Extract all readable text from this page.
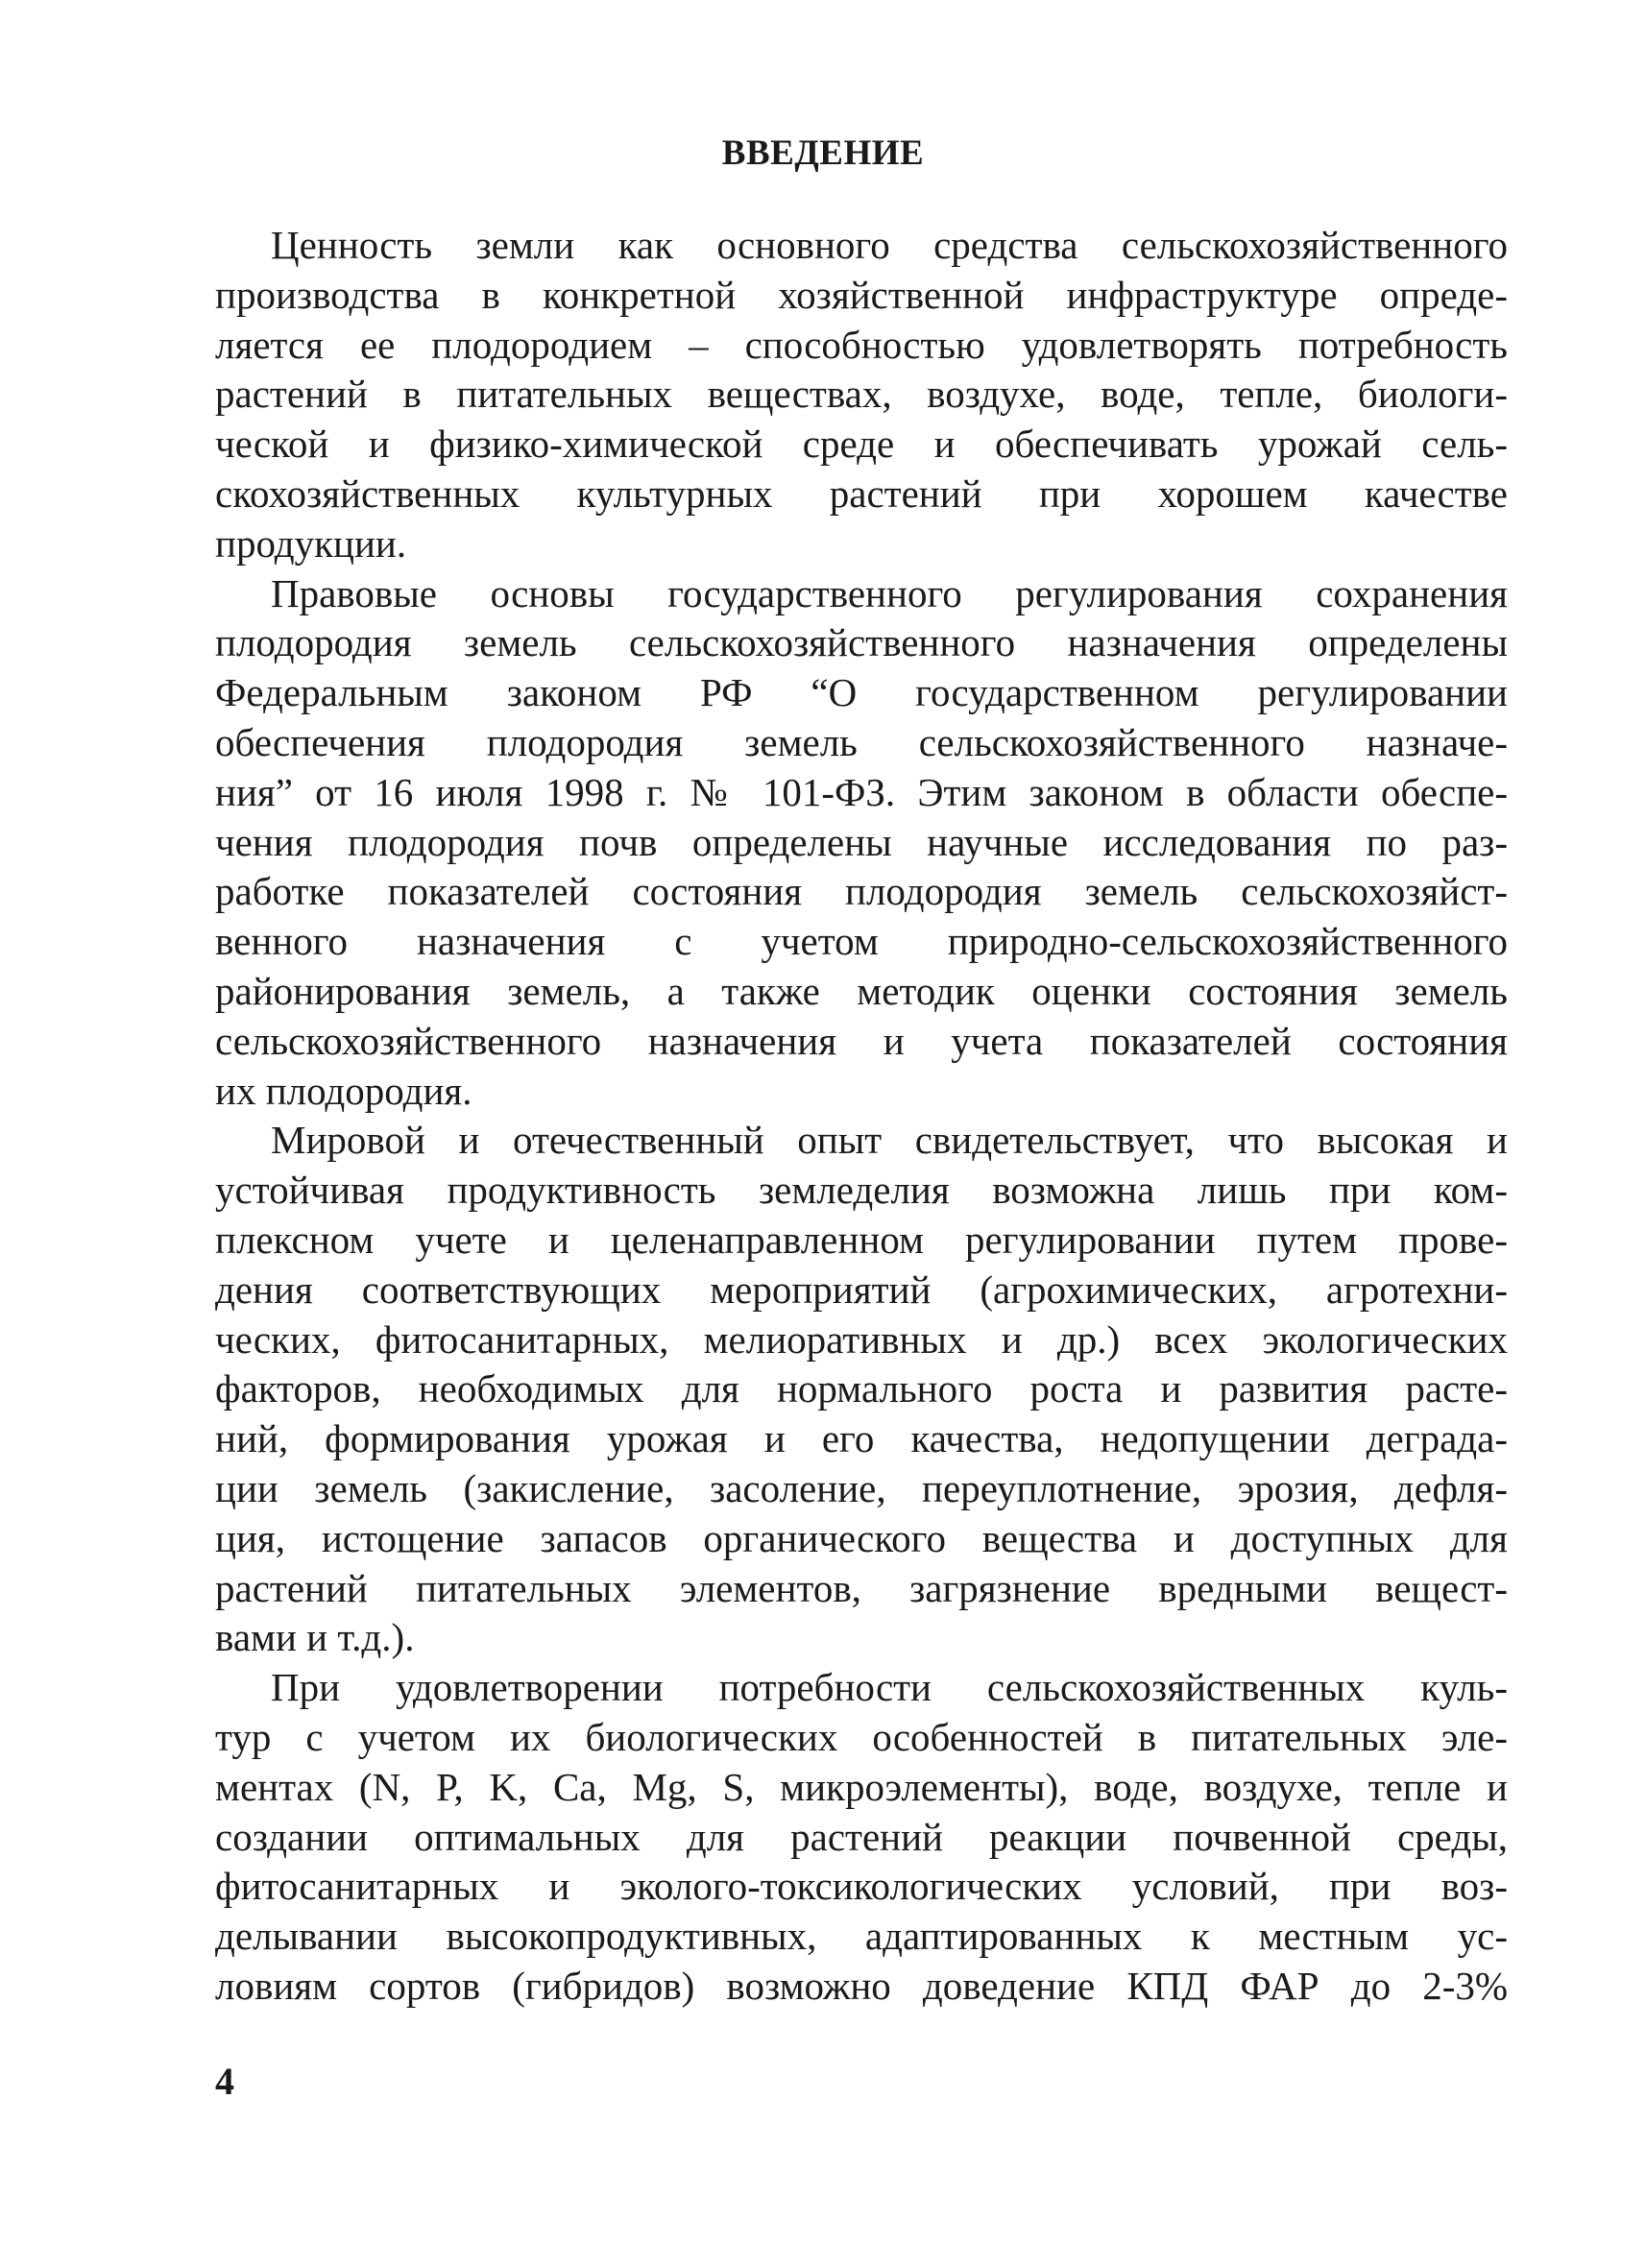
ВВЕДЕНИЕ
Ценность земли как основного средства сельскохозяйственного
производства в конкретной хозяйственной инфраструктуре опреде-
ляется ее плодородием – способностью удовлетворять потребность
растений в питательных веществах, воздухе, воде, тепле, биологи-
ческой и физико-химической среде и обеспечивать урожай сель-
скохозяйственных культурных растений при хорошем качестве
продукции.
Правовые основы государственного регулирования сохранения
плодородия земель сельскохозяйственного назначения определены
Федеральным законом РФ “О государственном регулировании
обеспечения плодородия земель сельскохозяйственного назначе-
ния” от 16 июля 1998 г. № 101-ФЗ. Этим законом в области обеспе-
чения плодородия почв определены научные исследования по раз-
работке показателей состояния плодородия земель сельскохозяйст-
венного назначения с учетом природно-сельскохозяйственного
районирования земель, а также методик оценки состояния земель
сельскохозяйственного назначения и учета показателей состояния
их плодородия.
Мировой и отечественный опыт свидетельствует, что высокая и
устойчивая продуктивность земледелия возможна лишь при ком-
плексном учете и целенаправленном регулировании путем прове-
дения соответствующих мероприятий (агрохимических, агротехни-
ческих, фитосанитарных, мелиоративных и др.) всех экологических
факторов, необходимых для нормального роста и развития расте-
ний, формирования урожая и его качества, недопущении деграда-
ции земель (закисление, засоление, переуплотнение, эрозия, дефля-
ция, истощение запасов органического вещества и доступных для
растений питательных элементов, загрязнение вредными вещест-
вами и т.д.).
При удовлетворении потребности сельскохозяйственных куль-
тур с учетом их биологических особенностей в питательных эле-
ментах (N, P, K, Ca, Mg, S, микроэлементы), воде, воздухе, тепле и
создании оптимальных для растений реакции почвенной среды,
фитосанитарных и эколого-токсикологических условий, при воз-
делывании высокопродуктивных, адаптированных к местным ус-
ловиям сортов (гибридов) возможно доведение КПД ФАР до 2-3%
4
